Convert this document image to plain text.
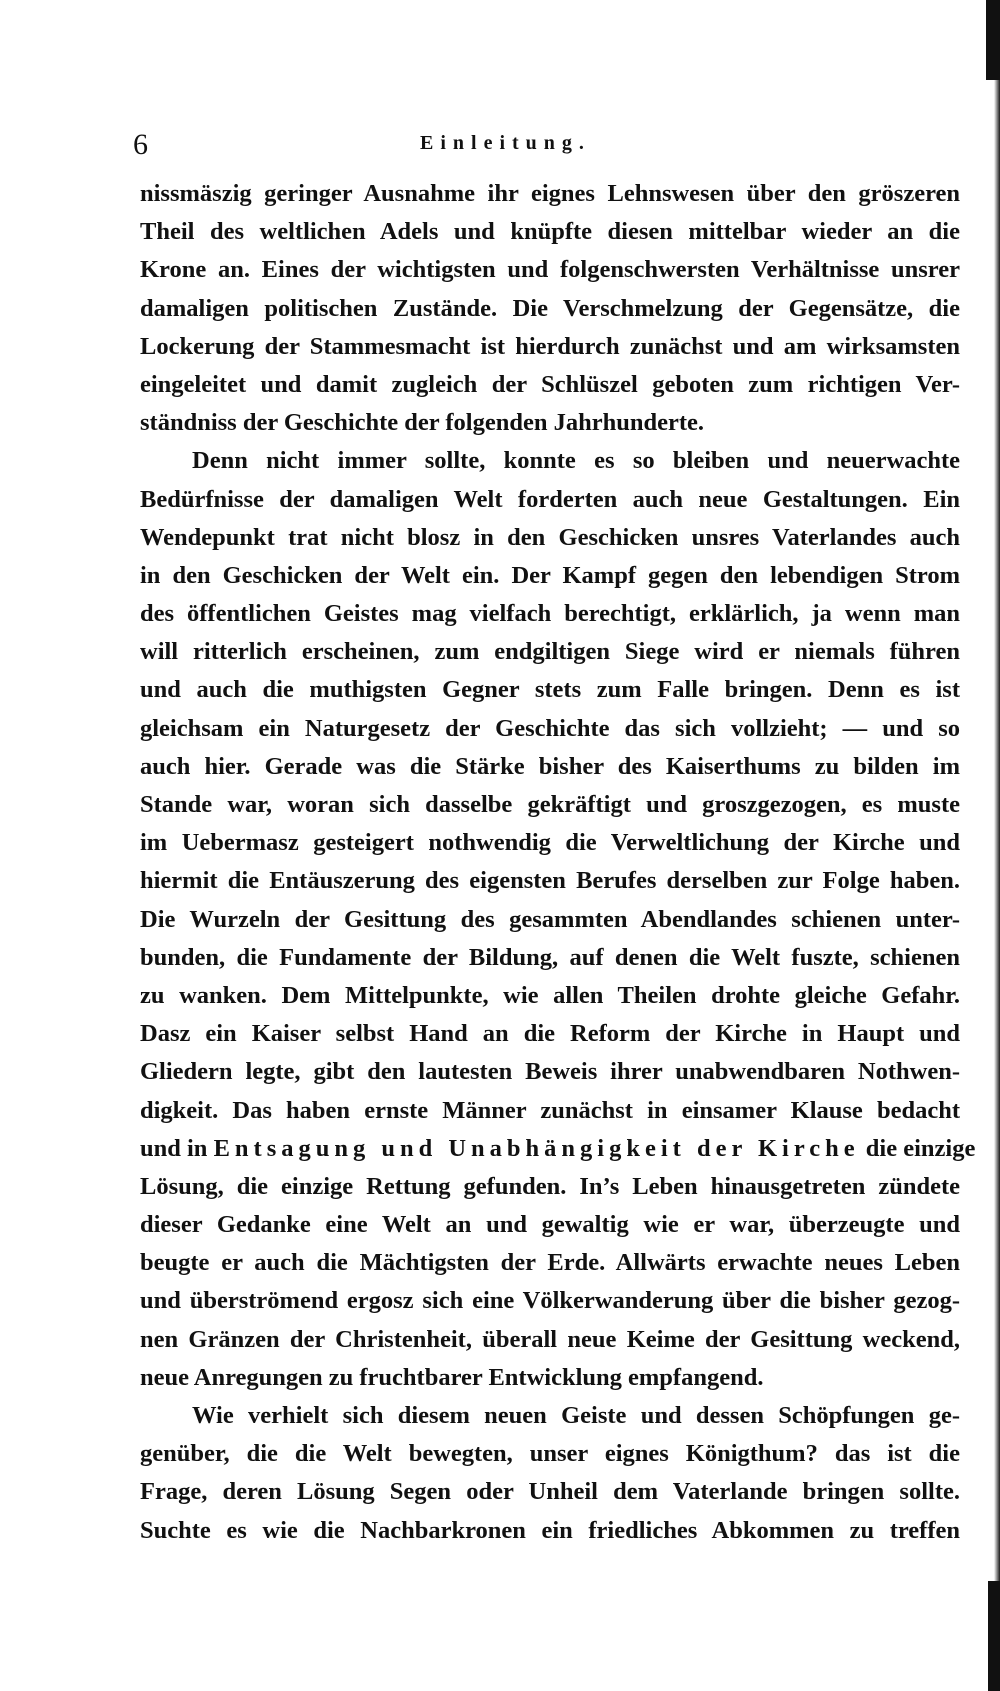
6	Einleitung.
nissmäszig geringer Ausnahme ihr eignes Lehnswesen über den gröszeren
Theil des weltlichen Adels und knüpfte diesen mittelbar wieder an die
Krone an. Eines der wichtigsten und folgenschwersten Verhältnisse unsrer
damaligen politischen Zustände. Die Verschmelzung der Gegensätze, die
Lockerung der Stammesmacht ist hierdurch zunächst und am wirksamsten
eingeleitet und damit zugleich der Schlüszel geboten zum richtigen Ver-
ständniss der Geschichte der folgenden Jahrhunderte.
Denn nicht immer sollte, konnte es so bleiben und neuerwachte
Bedürfnisse der damaligen Welt forderten auch neue Gestaltungen. Ein
Wendepunkt trat nicht blosz in den Geschicken unsres Vaterlandes auch
in den Geschicken der Welt ein. Der Kampf gegen den lebendigen Strom
des öffentlichen Geistes mag vielfach berechtigt, erklärlich, ja wenn man
will ritterlich erscheinen, zum endgiltigen Siege wird er niemals führen
und auch die muthigsten Gegner stets zum Falle bringen. Denn es ist
gleichsam ein Naturgesetz der Geschichte das sich vollzieht; — und so
auch hier. Gerade was die Stärke bisher des Kaiserthums zu bilden im
Stande war, woran sich dasselbe gekräftigt und groszgezogen, es muste
im Uebermasz gesteigert nothwendig die Verweltlichung der Kirche und
hiermit die Entäuszerung des eigensten Berufes derselben zur Folge haben.
Die Wurzeln der Gesittung des gesammten Abendlandes schienen unter-
bunden, die Fundamente der Bildung, auf denen die Welt fuszte, schienen
zu wanken. Dem Mittelpunkte, wie allen Theilen drohte gleiche Gefahr.
Dasz ein Kaiser selbst Hand an die Reform der Kirche in Haupt und
Gliedern legte, gibt den lautesten Beweis ihrer unabwendbaren Nothwen-
digkeit. Das haben ernste Männer zunächst in einsamer Klause bedacht
und in Entsagung und Unabhängigkeit der Kirche die einzige
Lösung, die einzige Rettung gefunden. In’s Leben hinausgetreten zündete
dieser Gedanke eine Welt an und gewaltig wie er war, überzeugte und
beugte er auch die Mächtigsten der Erde. Allwärts erwachte neues Leben
und überströmend ergosz sich eine Völkerwanderung über die bisher gezog-
nen Gränzen der Christenheit, überall neue Keime der Gesittung weckend,
neue Anregungen zu fruchtbarer Entwicklung empfangend.
Wie verhielt sich diesem neuen Geiste und dessen Schöpfungen ge-
genüber, die die Welt bewegten, unser eignes Königthum? das ist die
Frage, deren Lösung Segen oder Unheil dem Vaterlande bringen sollte.
Suchte es wie die Nachbarkronen ein friedliches Abkommen zu treffen
